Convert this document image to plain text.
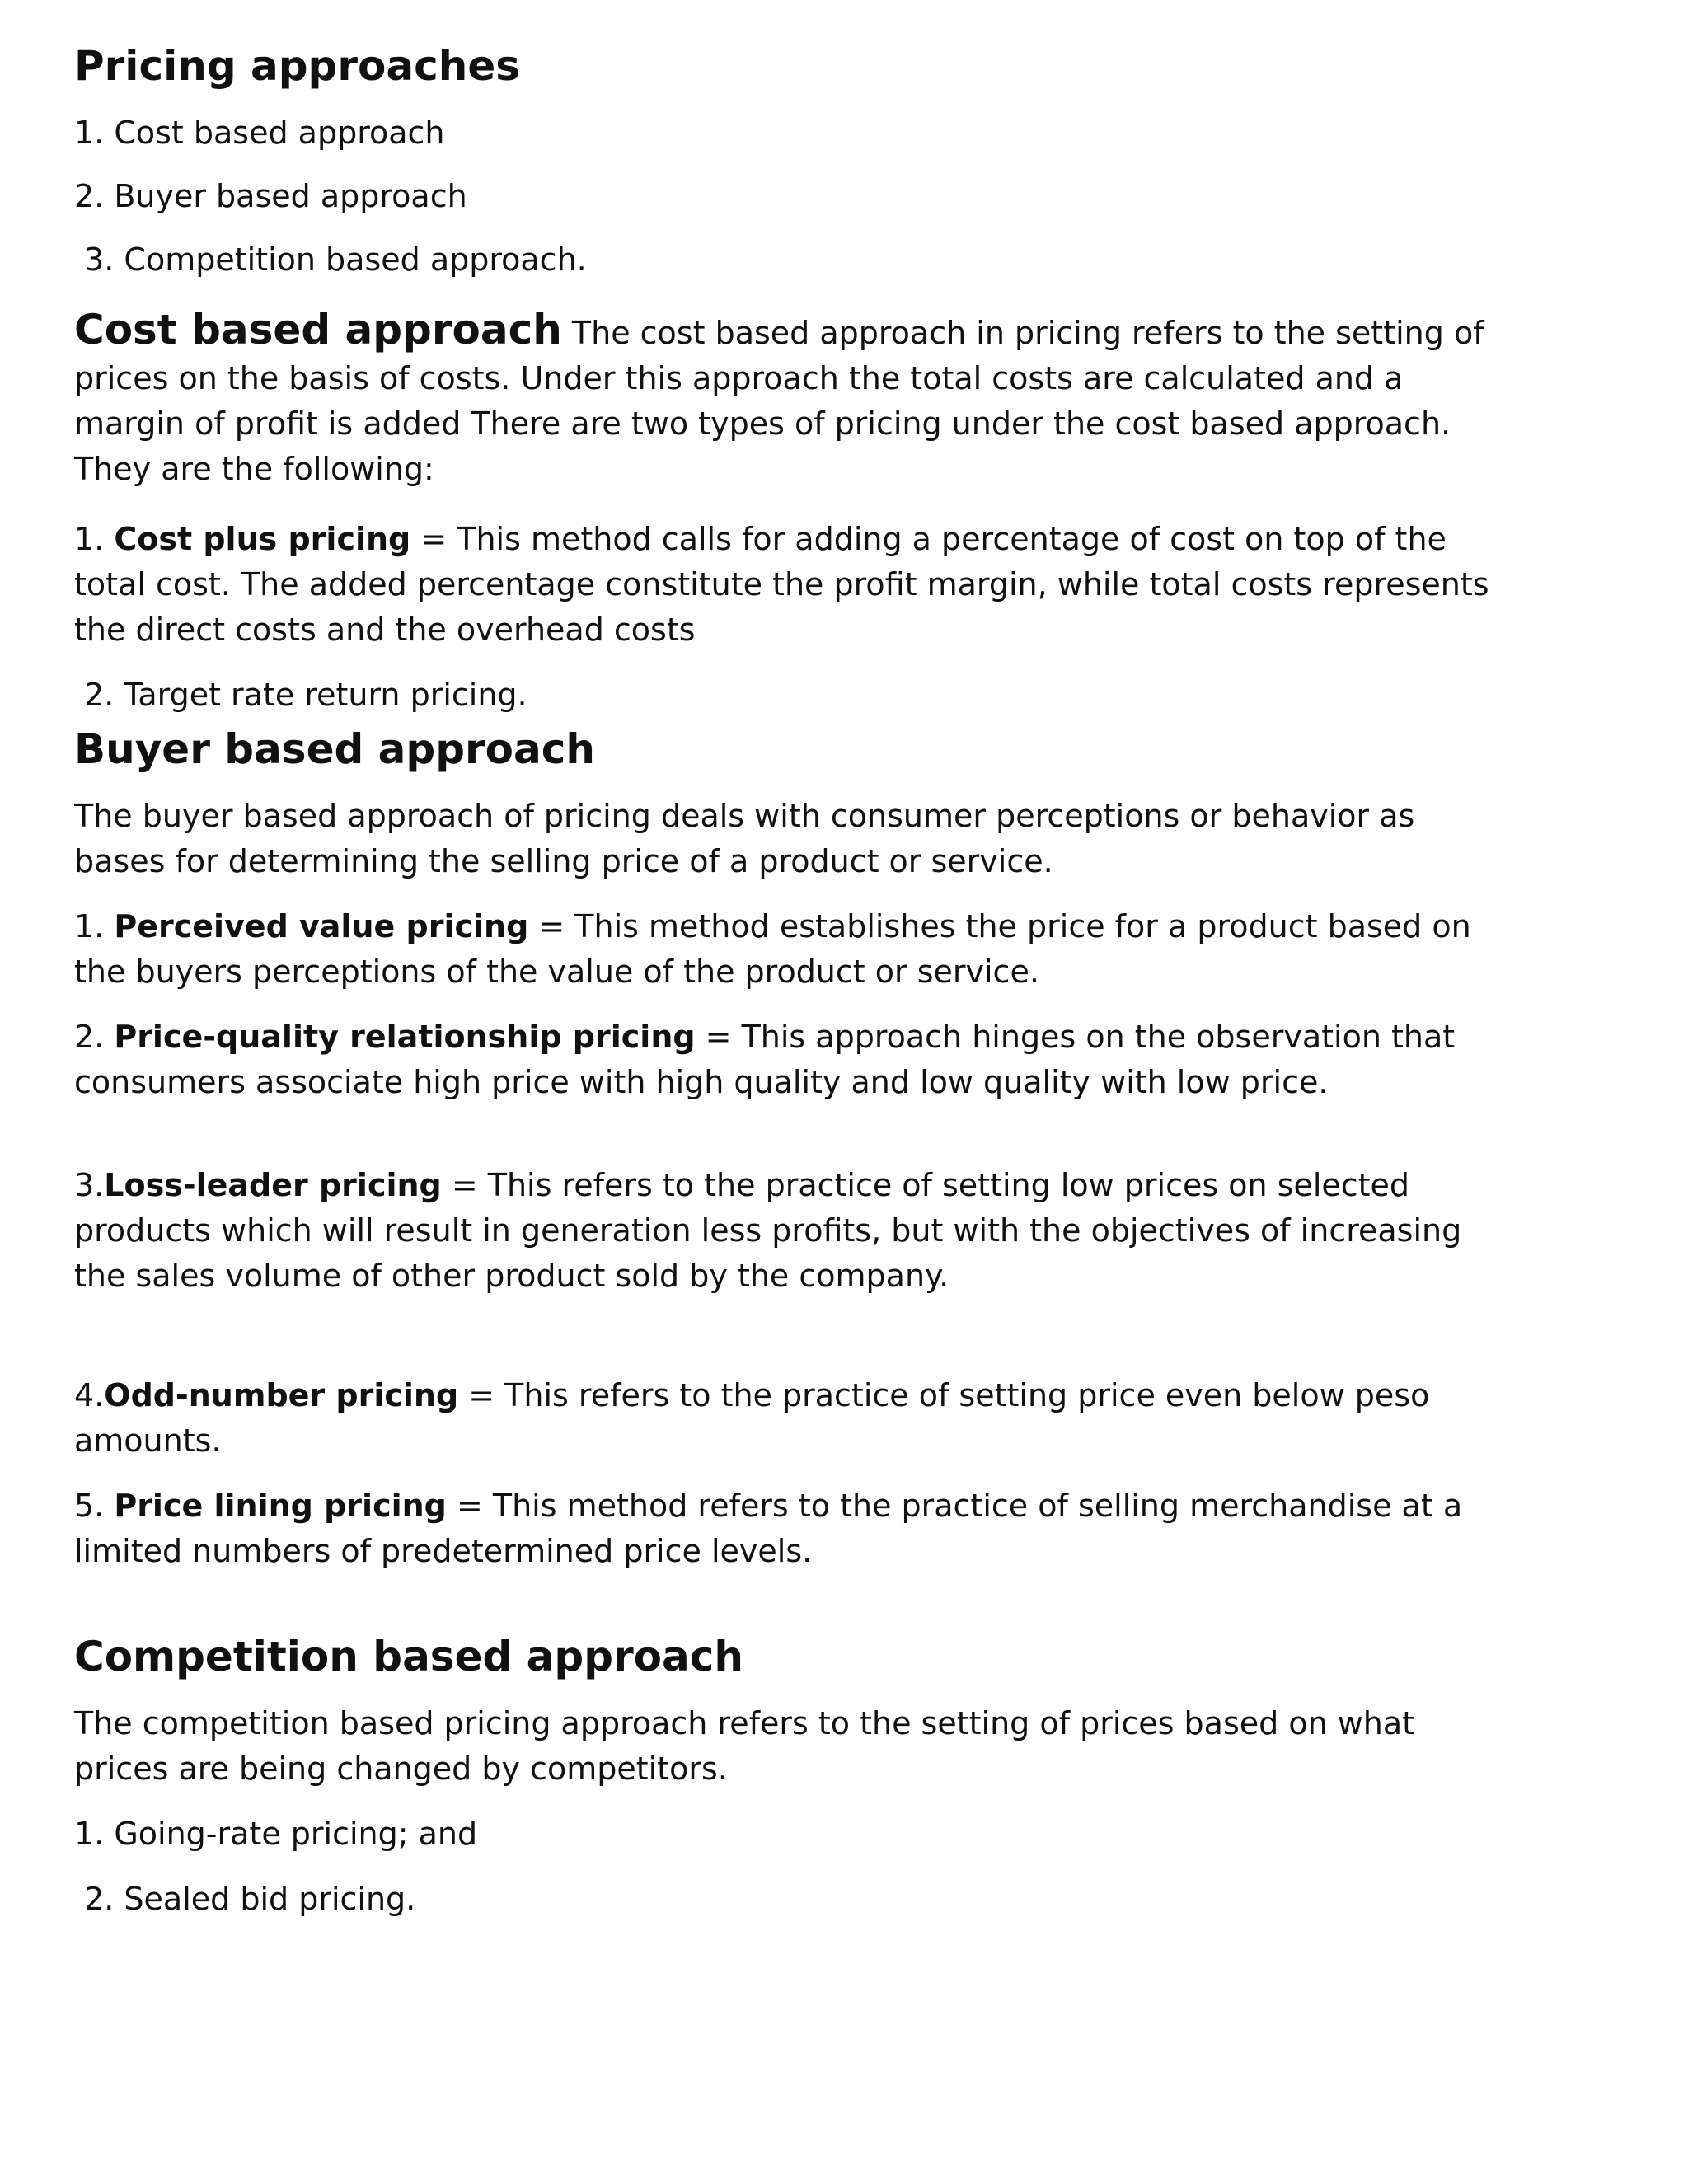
Pricing approaches

1. Cost based approach

2. Buyer based approach

3. Competition based approach.

Cost based approach The cost based approach in pricing refers to the setting of prices on the basis of costs. Under this approach the total costs are calculated and a margin of profit is added There are two types of pricing under the cost based approach. They are the following:

1. Cost plus pricing = This method calls for adding a percentage of cost on top of the total cost. The added percentage constitute the profit margin, while total costs represents the direct costs and the overhead costs

2. Target rate return pricing.

Buyer based approach

The buyer based approach of pricing deals with consumer perceptions or behavior as bases for determining the selling price of a product or service.

1. Perceived value pricing = This method establishes the price for a product based on the buyers perceptions of the value of the product or service.

2. Price-quality relationship pricing = This approach hinges on the observation that consumers associate high price with high quality and low quality with low price.

3.Loss-leader pricing = This refers to the practice of setting low prices on selected products which will result in generation less profits, but with the objectives of increasing the sales volume of other product sold by the company.

4.Odd-number pricing = This refers to the practice of setting price even below peso amounts.

5. Price lining pricing = This method refers to the practice of selling merchandise at a limited numbers of predetermined price levels.

Competition based approach

The competition based pricing approach refers to the setting of prices based on what prices are being changed by competitors.

1. Going-rate pricing; and

2. Sealed bid pricing.
